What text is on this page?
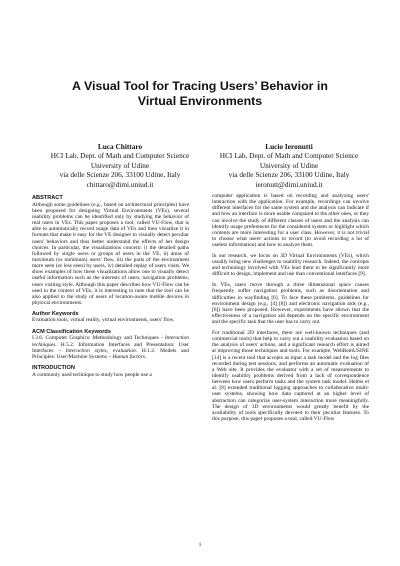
A Visual Tool for Tracing Users’ Behavior in
Virtual Environments
Luca Chittaro
HCI Lab, Dept. of Math and Computer Science
University of Udine
via delle Scienze 206, 33100 Udine, Italy
chittaro@dimi.uniud.it
Lucio Ieronutti
HCI Lab, Dept. of Math and Computer Science
University of Udine
via delle Scienze 206, 33100 Udine, Italy
ieronutt@dimi.uniud.it
ABSTRACT
Although some guidelines (e.g., based on architectural principles) have been proposed for designing Virtual Environments (VEs), several usability problems can be identified only by studying the behavior of real users in VEs. This paper proposes a tool, called VU-Flow, that is able to automatically record usage data of VEs and then visualize it in formats that make it easy for the VE designer to visually detect peculiar users' behaviors and thus better understand the effects of her design choices. In particular, the visualizations concern: i) the detailed paths followed by single users or groups of users in the VE, ii) areas of maximum (or minimum) users' flow, iii) the parts of the environment more seen (or less seen) by users, iv) detailed replay of users visits. We show examples of how these visualizations allow one to visually detect useful information such as the interests of users, navigation problems, users visiting style. Although this paper describes how VU-Flow can be used in the context of VEs, it is interesting to note that the tool can be also applied to the study of users of location-aware mobile devices in physical environments.
Author Keywords
Evaluation tools, virtual reality, virtual environments, users' flow.
ACM Classification Keywords
I.3.6. Computer Graphics: Methodology and Techniques - Interaction techniques. H.5.2. Information Interfaces and Presentation: User Interfaces – Interaction styles, evaluation. H.1.2. Models and Principles: User/Machine Systems – Human factors.
INTRODUCTION
A commonly used technique to study how people use a
computer application is based on recording and analyzing users' interaction with the application. For example, recordings can involve different interfaces for the same system and the analysis can indicate if and how an interface is more usable compared to the other ones, or they can involve the study of different classes of users and the analysis can identify usage preferences for the considered system or highlight which contents are more interesting for a user class. However, it is not trivial to choose what users' actions to record (to avoid recording a lot of useless information) and how to analyze them.
In our research, we focus on 3D Virtual Environments (VEs), which usually bring new challenges to usability research. Indeed, the concepts and technology involved with VEs lead them to be significantly more difficult to design, implement and use than conventional interfaces [9].
In VEs, users move through a three dimensional space causes frequently suffer navigation problems, such as disorientation and difficulties in wayfinding [6]. To face these problems, guidelines for environment design (e.g., [4] [8]) and electronic navigation aids (e.g., [6]) have been proposed. However, experiments have shown that the effectiveness of a navigation aid depends on the specific environment and the specific task that the user has to carry out.
For traditional 2D interfaces, there are well-known techniques (and commercial tools) that help to carry out a usability evaluation based on the analysis of users' actions, and a significant research effort is aimed at improving those techniques and tools. For example, WebRemUSINE [14] is a recent tool that accepts as input a task model and the log files recorded during test sessions, and performs an automatic evaluation of a Web site. It provides the evaluator with a set of measurements to identify usability problems derived from a lack of correspondence between how users perform tasks and the system task model. Helms et al. [8] extended traditional logging approaches to collaborative multi-user systems, showing how data captured at an higher level of abstraction can categorize user-system interaction more meaningfully. The design of 3D environments would greatly benefit by the availability of tools specifically devoted to their peculiar features. To this purpose, this paper proposes a tool, called VU-Flow
1
